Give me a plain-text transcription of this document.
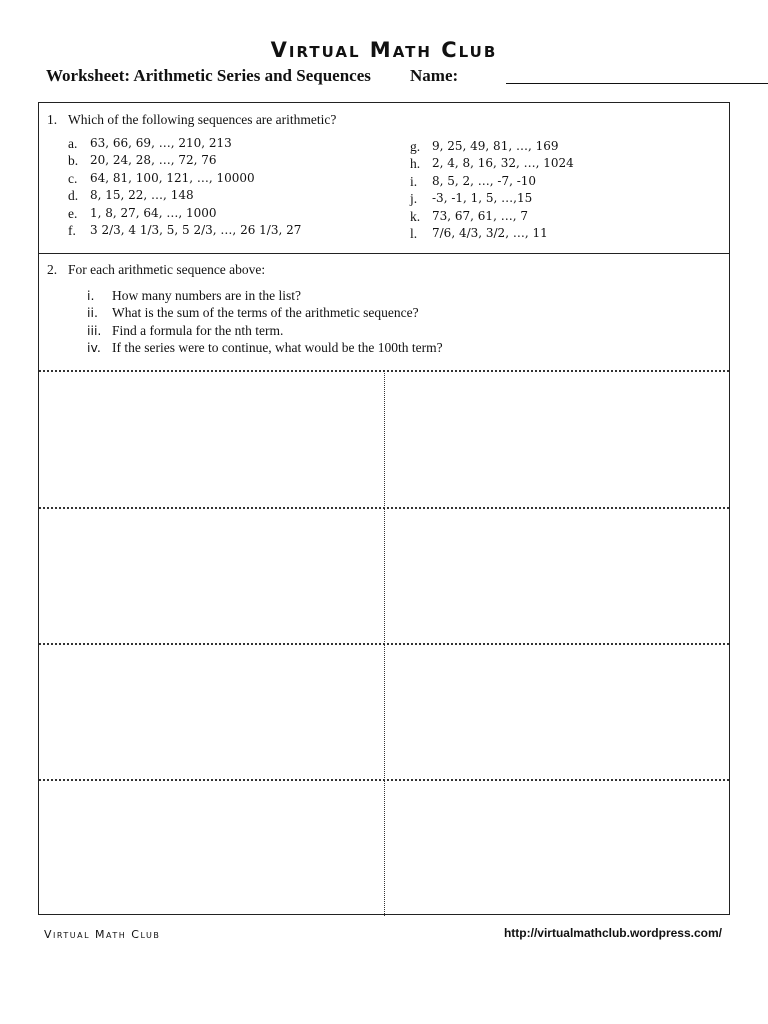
Virtual Math Club
Worksheet: Arithmetic Series and Sequences Name:
1. Which of the following sequences are arithmetic?
a. 63, 66, 69, …, 210, 213
b. 20, 24, 28, …, 72, 76
c. 64, 81, 100, 121, …, 10000
d. 8, 15, 22, …, 148
e. 1, 8, 27, 64, …, 1000
f. 3 2/3, 4 1/3, 5, 5 2/3, …, 26 1/3, 27
g. 9, 25, 49, 81, …, 169
h. 2, 4, 8, 16, 32, …, 1024
i. 8, 5, 2, …, -7, -10
j. -3, -1, 1, 5, …,15
k. 73, 67, 61, …, 7
l. 7/6, 4/3, 3/2, …, 11
2. For each arithmetic sequence above:
i. How many numbers are in the list?
ii. What is the sum of the terms of the arithmetic sequence?
iii. Find a formula for the nth term.
iv. If the series were to continue, what would be the 100th term?
Virtual Math Club	http://virtualmathclub.wordpress.com/
